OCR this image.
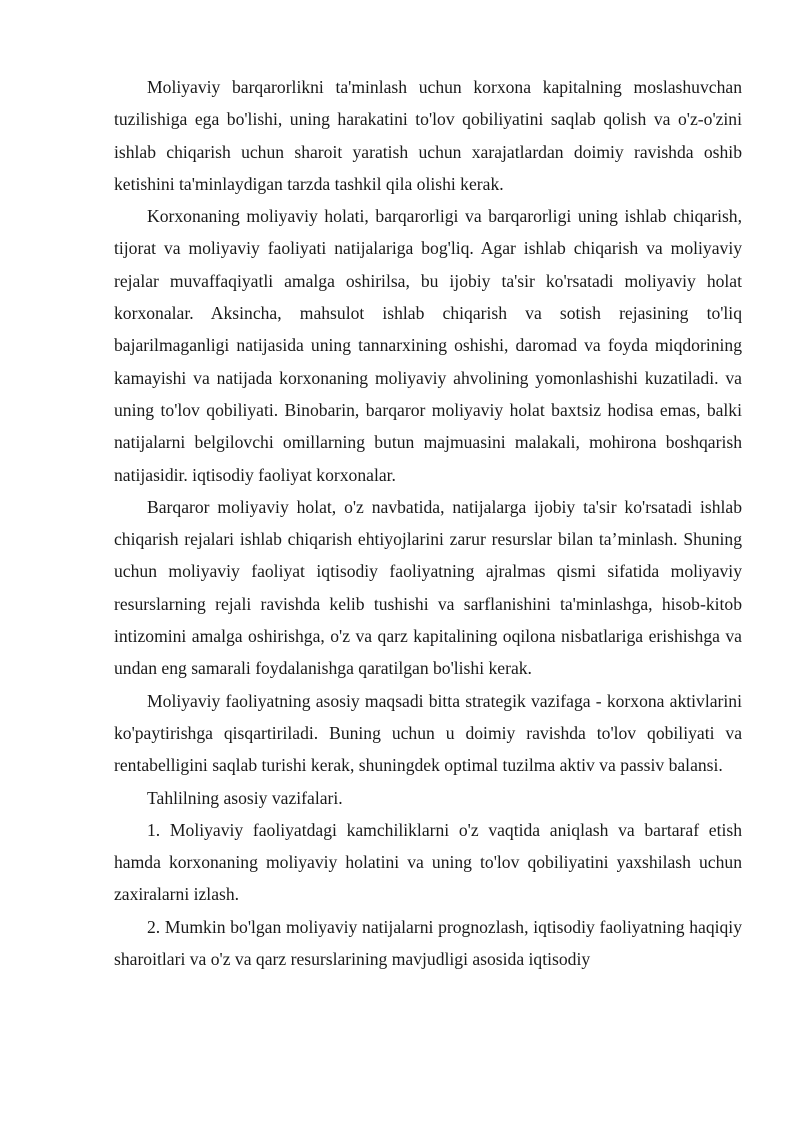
Moliyaviy barqarorlikni ta'minlash uchun korxona kapitalning moslashuvchan tuzilishiga ega bo'lishi, uning harakatini to'lov qobiliyatini saqlab qolish va o'z-o'zini ishlab chiqarish uchun sharoit yaratish uchun xarajatlardan doimiy ravishda oshib ketishini ta'minlaydigan tarzda tashkil qila olishi kerak.

Korxonaning moliyaviy holati, barqarorligi va barqarorligi uning ishlab chiqarish, tijorat va moliyaviy faoliyati natijalariga bog'liq. Agar ishlab chiqarish va moliyaviy rejalar muvaffaqiyatli amalga oshirilsa, bu ijobiy ta'sir ko'rsatadi moliyaviy holat korxonalar. Aksincha, mahsulot ishlab chiqarish va sotish rejasining to'liq bajarilmaganligi natijasida uning tannarxining oshishi, daromad va foyda miqdorining kamayishi va natijada korxonaning moliyaviy ahvolining yomonlashishi kuzatiladi. va uning to'lov qobiliyati. Binobarin, barqaror moliyaviy holat baxtsiz hodisa emas, balki natijalarni belgilovchi omillarning butun majmuasini malakali, mohirona boshqarish natijasidir. iqtisodiy faoliyat korxonalar.

Barqaror moliyaviy holat, o'z navbatida, natijalarga ijobiy ta'sir ko'rsatadi ishlab chiqarish rejalari ishlab chiqarish ehtiyojlarini zarur resurslar bilan ta’minlash. Shuning uchun moliyaviy faoliyat iqtisodiy faoliyatning ajralmas qismi sifatida moliyaviy resurslarning rejali ravishda kelib tushishi va sarflanishini ta'minlashga, hisob-kitob intizomini amalga oshirishga, o'z va qarz kapitalining oqilona nisbatlariga erishishga va undan eng samarali foydalanishga qaratilgan bo'lishi kerak.

Moliyaviy faoliyatning asosiy maqsadi bitta strategik vazifaga - korxona aktivlarini ko'paytirishga qisqartiriladi. Buning uchun u doimiy ravishda to'lov qobiliyati va rentabelligini saqlab turishi kerak, shuningdek optimal tuzilma aktiv va passiv balansi.

Tahlilning asosiy vazifalari.

1. Moliyaviy faoliyatdagi kamchiliklarni o'z vaqtida aniqlash va bartaraf etish hamda korxonaning moliyaviy holatini va uning to'lov qobiliyatini yaxshilash uchun zaxiralarni izlash.

2. Mumkin bo'lgan moliyaviy natijalarni prognozlash, iqtisodiy faoliyatning haqiqiy sharoitlari va o'z va qarz resurslarining mavjudligi asosida iqtisodiy
